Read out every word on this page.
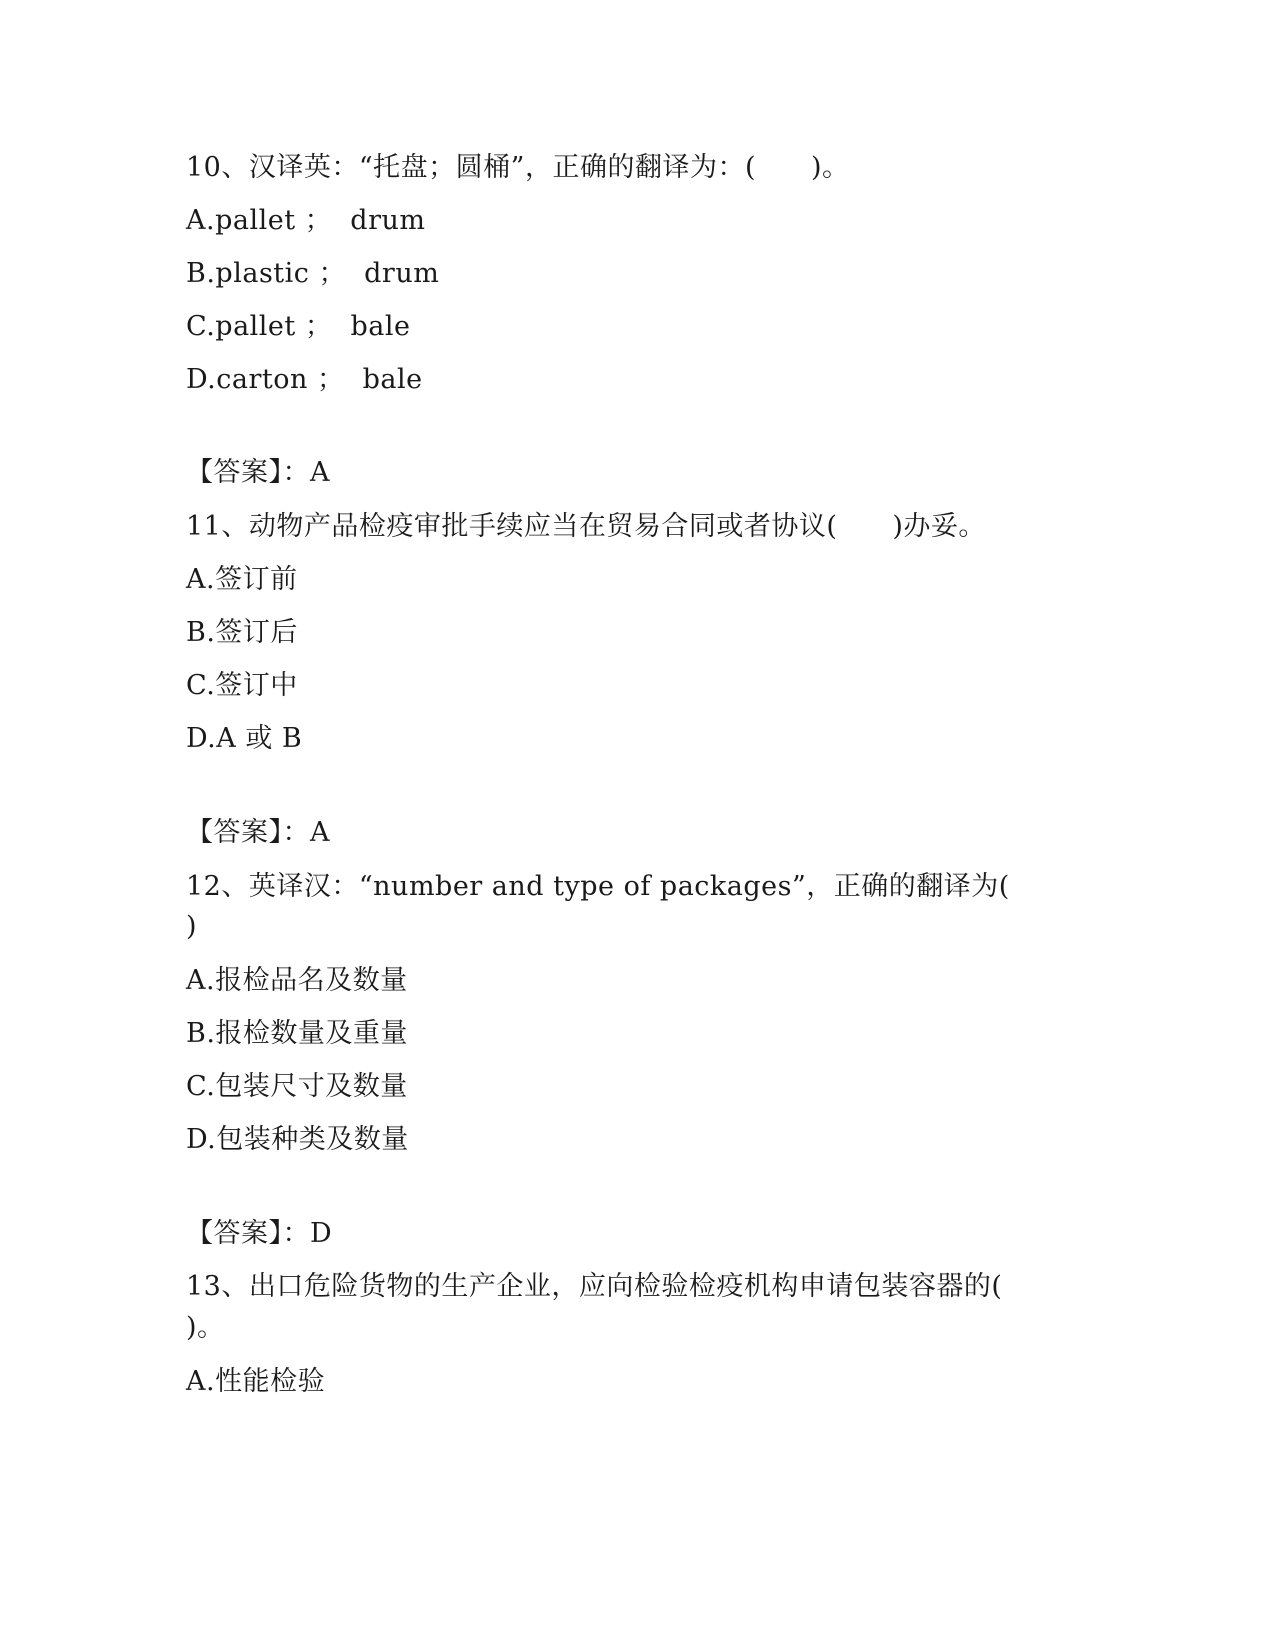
10、汉译英：“托盘；圆桶”，正确的翻译为：(　　)。
A.pallet ；  drum
B.plastic ；  drum
C.pallet ；  bale
D.carton ；  bale
【答案】：A
11、动物产品检疫审批手续应当在贸易合同或者协议(　　)办妥。
A.签订前
B.签订后
C.签订中
D.A 或 B
【答案】：A
12、英译汉：“number and type of packages”，正确的翻译为(
)
A.报检品名及数量
B.报检数量及重量
C.包装尺寸及数量
D.包装种类及数量
【答案】：D
13、出口危险货物的生产企业，应向检验检疫机构申请包装容器的(
)。
A.性能检验
